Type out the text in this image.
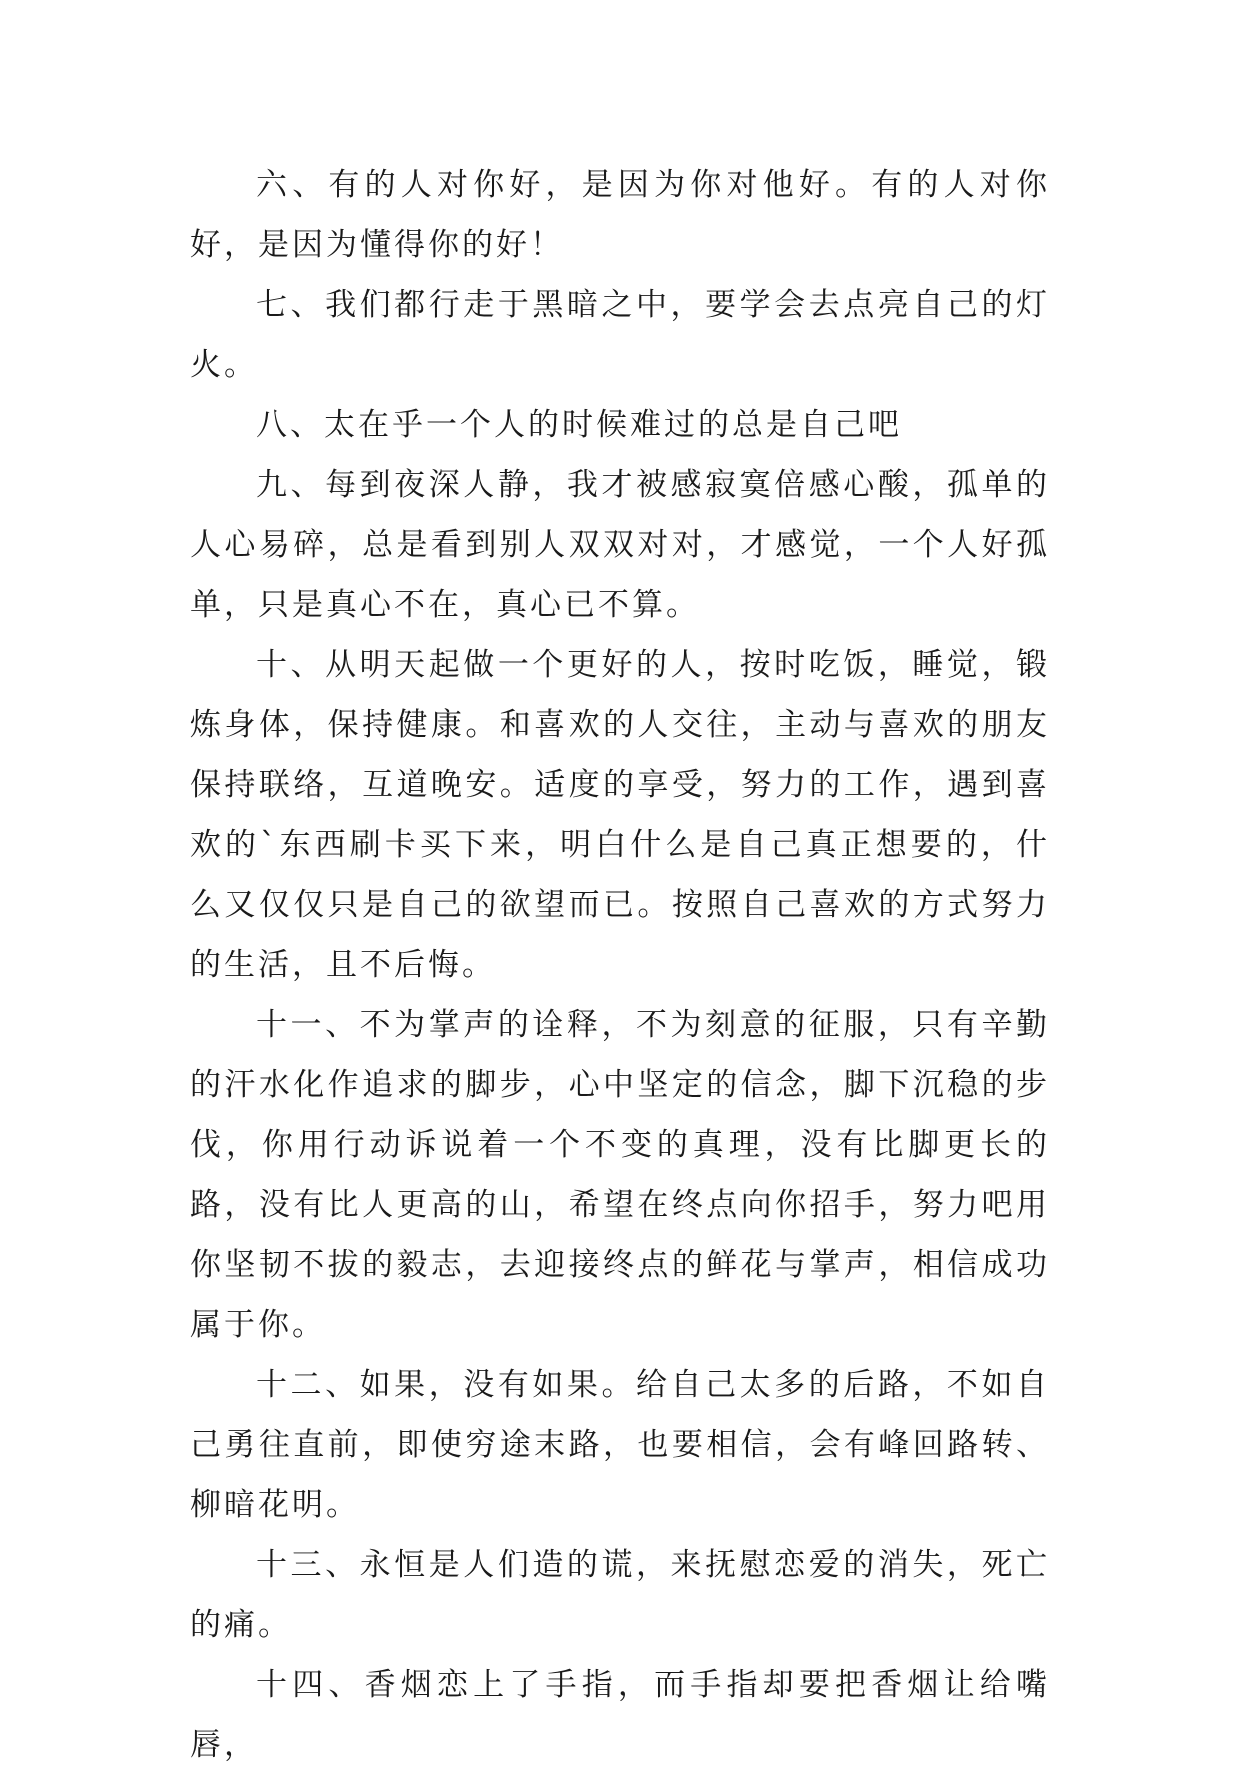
六、有的人对你好，是因为你对他好。有的人对你好，是因为懂得你的好！

七、我们都行走于黑暗之中，要学会去点亮自己的灯火。

八、太在乎一个人的时候难过的总是自己吧

九、每到夜深人静，我才被感寂寞倍感心酸，孤单的人心易碎，总是看到别人双双对对，才感觉，一个人好孤单，只是真心不在，真心已不算。

十、从明天起做一个更好的人，按时吃饭，睡觉，锻炼身体，保持健康。和喜欢的人交往，主动与喜欢的朋友保持联络，互道晚安。适度的享受，努力的工作，遇到喜欢的`东西刷卡买下来，明白什么是自己真正想要的，什么又仅仅只是自己的欲望而已。按照自己喜欢的方式努力的生活，且不后悔。

十一、不为掌声的诠释，不为刻意的征服，只有辛勤的汗水化作追求的脚步，心中坚定的信念，脚下沉稳的步伐，你用行动诉说着一个不变的真理，没有比脚更长的路，没有比人更高的山，希望在终点向你招手，努力吧用你坚韧不拔的毅志，去迎接终点的鲜花与掌声，相信成功属于你。

十二、如果，没有如果。给自己太多的后路，不如自己勇往直前，即使穷途末路，也要相信，会有峰回路转、柳暗花明。

十三、永恒是人们造的谎，来抚慰恋爱的消失，死亡的痛。

十四、香烟恋上了手指，而手指却要把香烟让给嘴唇，
